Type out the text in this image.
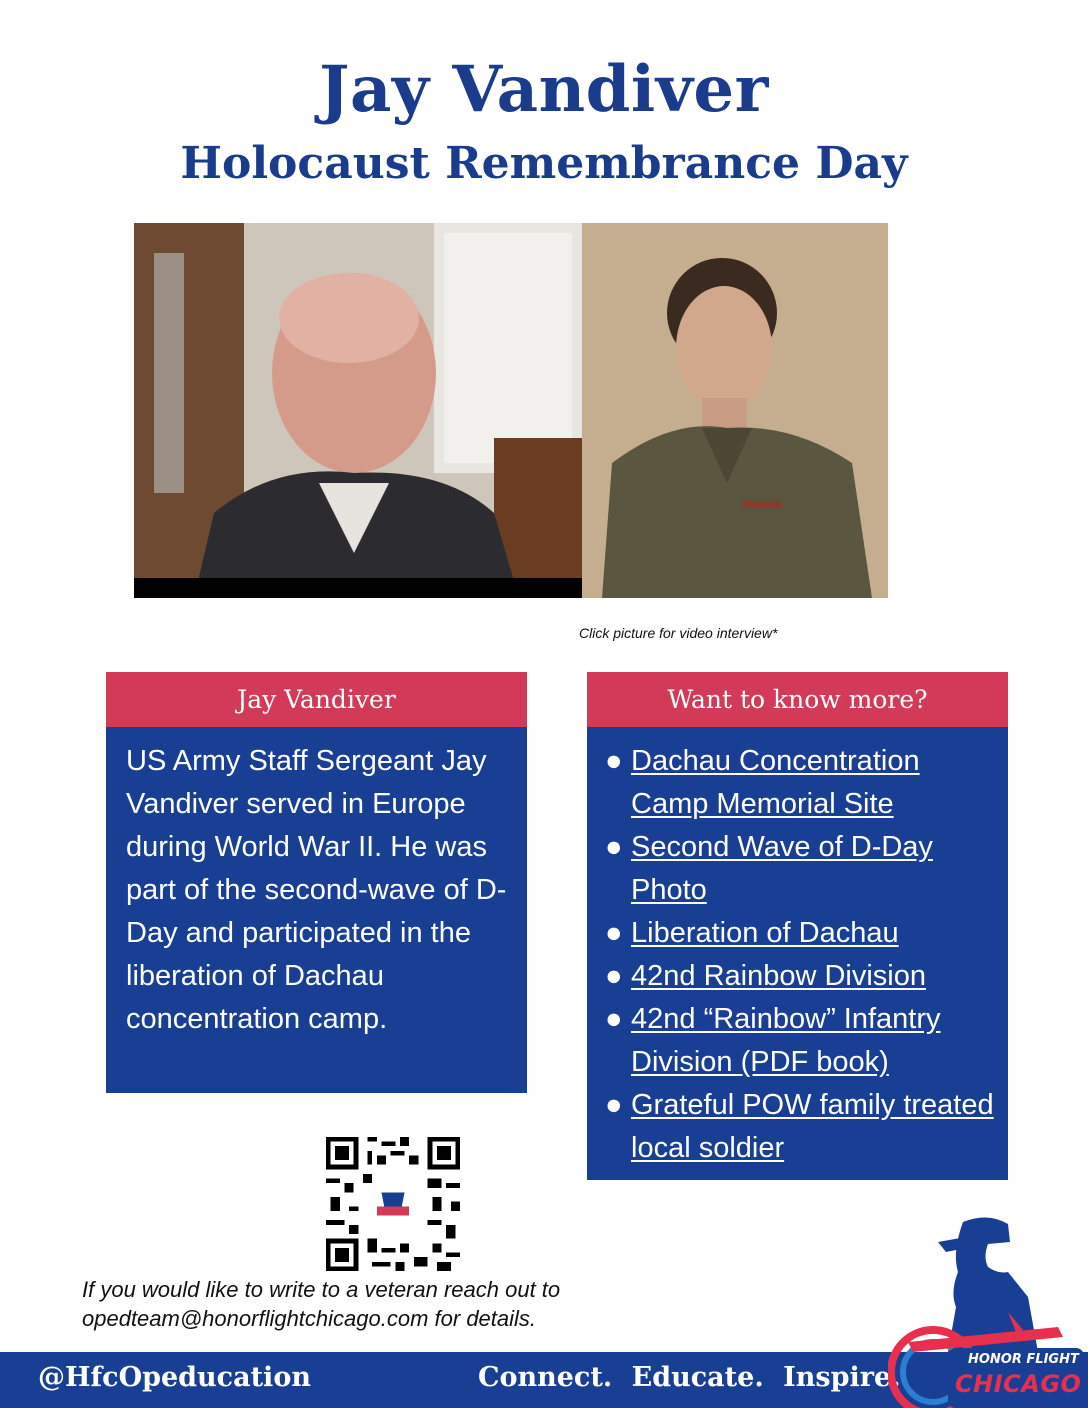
Jay Vandiver
Holocaust Remembrance Day
Click picture for video interview*
Jay Vandiver

US Army Staff Sergeant Jay Vandiver served in Europe during World War II. He was part of the second-wave of D-Day and participated in the liberation of Dachau concentration camp.

Want to know more?
● Dachau Concentration Camp Memorial Site
● Second Wave of D-Day Photo
● Liberation of Dachau
● 42nd Rainbow Division
● 42nd “Rainbow” Infantry Division (PDF book)
● Grateful POW family treated local soldier
If you would like to write to a veteran reach out to
opedteam@honorflightchicago.com for details.
@HfcOpeducation	Connect. Educate. Inspire.
HONOR FLIGHT
CHICAGO
